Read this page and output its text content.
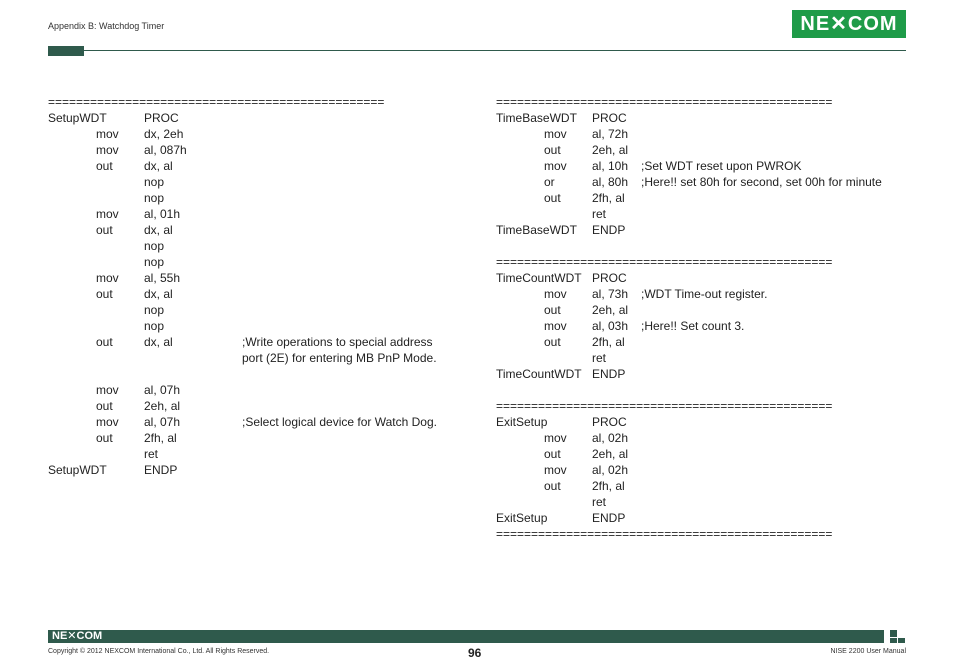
Appendix B: Watchdog Timer	NE✕COM
================================================
SetupWDT	PROC
mov dx, 2eh
mov al, 087h
out	dx, al
nop
nop
mov al, 01h
out	dx, al
nop
nop
mov al, 55h
out	dx, al
nop
nop
out	dx, al	;Write operations to special address
port (2E) for entering MB PnP Mode.
mov al, 07h
out	2eh, al
mov al, 07h	;Select logical device for Watch Dog.
out	2fh, al
ret
SetupWDT	ENDP
================================================
TimeBaseWDT PROC
mov al, 72h
out	2eh, al
mov al, 10h ;Set WDT reset upon PWROK
or	al, 80h ;Here!! set 80h for second, set 00h for minute
out	2fh, al
ret
TimeBaseWDT ENDP
================================================
TimeCountWDT PROC
mov al, 73h ;WDT Time-out register.
out	2eh, al
mov al, 03h ;Here!! Set count 3.
out	2fh, al
ret
TimeCountWDT ENDP
================================================
ExitSetup	PROC
mov al, 02h
out	2eh, al
mov al, 02h
out	2fh, al
ret
ExitSetup	ENDP
================================================
NE✕COM
Copyright © 2012 NEXCOM International Co., Ltd. All Rights Reserved.	96	NISE 2200 User Manual
